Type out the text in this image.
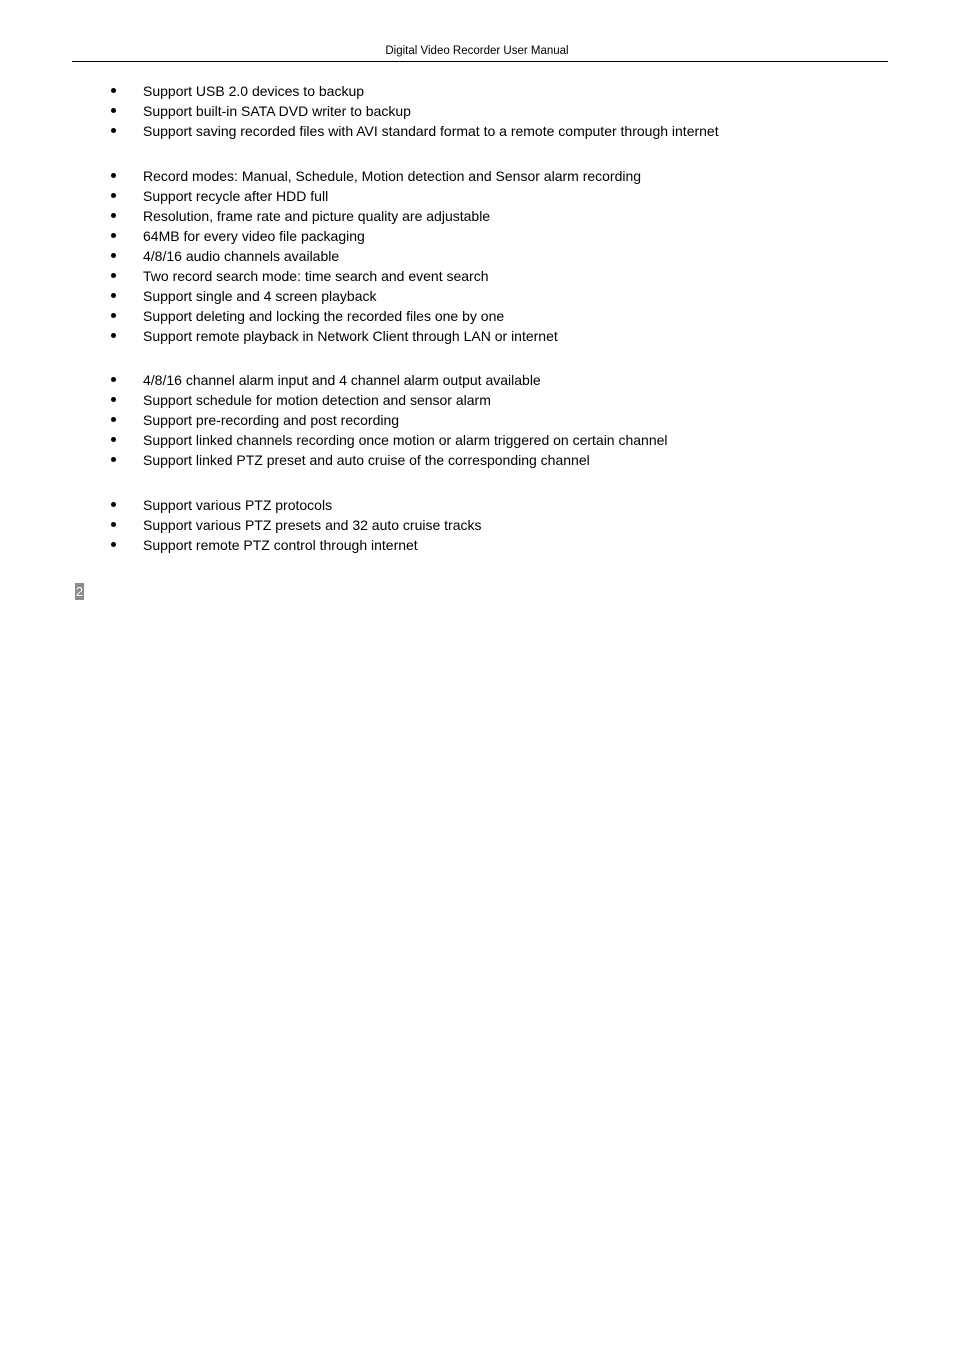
Digital Video Recorder User Manual
Support USB 2.0 devices to backup
Support built-in SATA DVD writer to backup
Support saving recorded files with AVI standard format to a remote computer through internet
Record modes: Manual, Schedule, Motion detection and Sensor alarm recording
Support recycle after HDD full
Resolution, frame rate and picture quality are adjustable
64MB for every video file packaging
4/8/16 audio channels available
Two record search mode: time search and event search
Support single and 4 screen playback
Support deleting and locking the recorded files one by one
Support remote playback in Network Client through LAN or internet
4/8/16 channel alarm input and 4 channel alarm output available
Support schedule for motion detection and sensor alarm
Support pre-recording and post recording
Support linked channels recording once motion or alarm triggered on certain channel
Support linked PTZ preset and auto cruise of the corresponding channel
Support various PTZ protocols
Support various PTZ presets and 32 auto cruise tracks
Support remote PTZ control through internet
2
